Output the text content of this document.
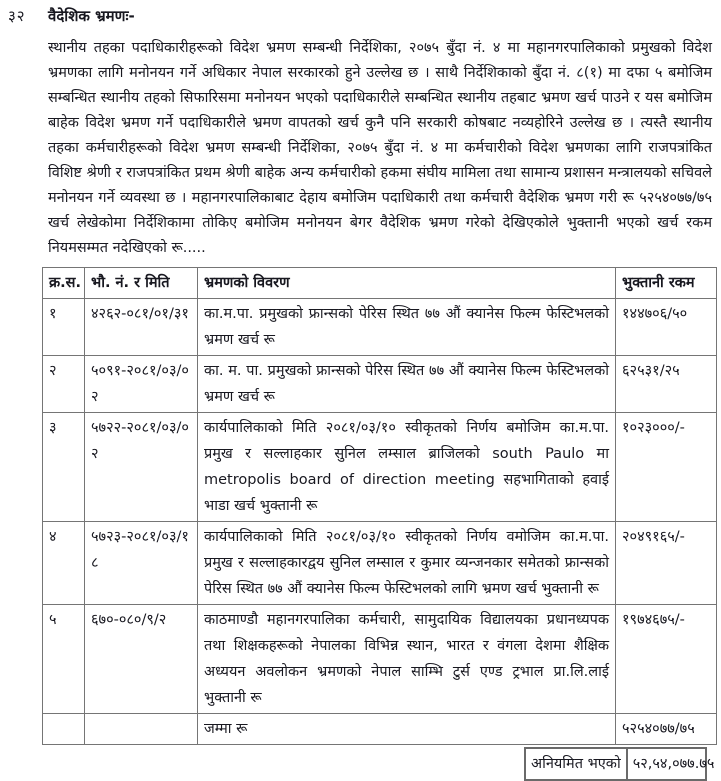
३२	वैदेशिक भ्रमणः-

स्थानीय तहका पदाधिकारीहरूको विदेश भ्रमण सम्बन्धी निर्देशिका, २०७५ बुँदा नं. ४ मा महानगरपालिकाको प्रमुखको विदेश भ्रमणका लागि मनोनयन गर्ने अधिकार नेपाल सरकारको हुने उल्लेख छ । साथै निर्देशिकाको बुँदा नं. ८(१) मा दफा ५ बमोजिम सम्बन्धित स्थानीय तहको सिफारिसमा मनोनयन भएको पदाधिकारीले सम्बन्धित स्थानीय तहबाट भ्रमण खर्च पाउने र यस बमोजिम बाहेक विदेश भ्रमण गर्ने पदाधिकारीले भ्रमण वापतको खर्च कुनै पनि सरकारी कोषबाट नव्यहोरिने उल्लेख छ । त्यस्तै स्थानीय तहका कर्मचारीहरूको विदेश भ्रमण सम्बन्धी निर्देशिका, २०७५ बुँदा नं. ४ मा कर्मचारीको विदेश भ्रमणका लागि राजपत्रांकित विशिष्ट श्रेणी र राजपत्रांकित प्रथम श्रेणी बाहेक अन्य कर्मचारीको हकमा संघीय मामिला तथा सामान्य प्रशासन मन्त्रालयको सचिवले मनोनयन गर्ने व्यवस्था छ । महानगरपालिकाबाट देहाय बमोजिम पदाधिकारी तथा कर्मचारी वैदेशिक भ्रमण गरी रू ५२५४०७७/७५ खर्च लेखेकोमा निर्देशिकामा तोकिए बमोजिम मनोनयन बेगर वैदेशिक भ्रमण गरेको देखिएकोले भुक्तानी भएको खर्च रकम नियमसम्मत नदेखिएको रू.....

क्र.स.	भौ. नं. र मिति	भ्रमणको विवरण	भुक्तानी रकम
१	४२६२-०८१/०१/३१	का.म.पा. प्रमुखको फ्रान्सको पेरिस स्थित ७७ औं क्यानेस फिल्म फेस्टिभलको भ्रमण खर्च रू	१४४७०६/५०
२	५०९१-२०८१/०३/०२	का. म. पा. प्रमुखको फ्रान्सको पेरिस स्थित ७७ औं क्यानेस फिल्म फेस्टिभलको भ्रमण खर्च रू	६२५३१/२५
३	५७२२-२०८१/०३/०२	कार्यपालिकाको मिति २०८१/०३/१० स्वीकृतको निर्णय बमोजिम का.म.पा. प्रमुख र सल्लाहकार सुनिल लम्साल ब्राजिलको south Paulo मा metropolis board of direction meeting सहभागिताको हवाई भाडा खर्च भुक्तानी रू	१०२३०००/-
४	५७२३-२०८१/०३/१८	कार्यपालिकाको मिति २०८१/०३/१० स्वीकृतको निर्णय वमोजिम का.म.पा. प्रमुख र सल्लाहकारद्वय सुनिल लम्साल र कुमार व्यन्जनकार समेतको फ्रान्सको पेरिस स्थित ७७ औं क्यानेस फिल्म फेस्टिभलको लागि भ्रमण खर्च भुक्तानी रू	२०४९१६५/-
५	६७०-०८०/९/२	काठमाण्डौ महानगरपालिका कर्मचारी, सामुदायिक विद्यालयका प्रधानध्यपक तथा शिक्षकहरूको नेपालका विभिन्न स्थान, भारत र वंगला देशमा शैक्षिक अध्ययन अवलोकन भ्रमणको नेपाल साम्भि टुर्स एण्ड ट्रभाल प्रा.लि.लाई भुक्तानी रू	१९७४६७५/-
		जम्मा रू	५२५४०७७/७५
अनियमित भएको ५२,५४,०७७.७५
